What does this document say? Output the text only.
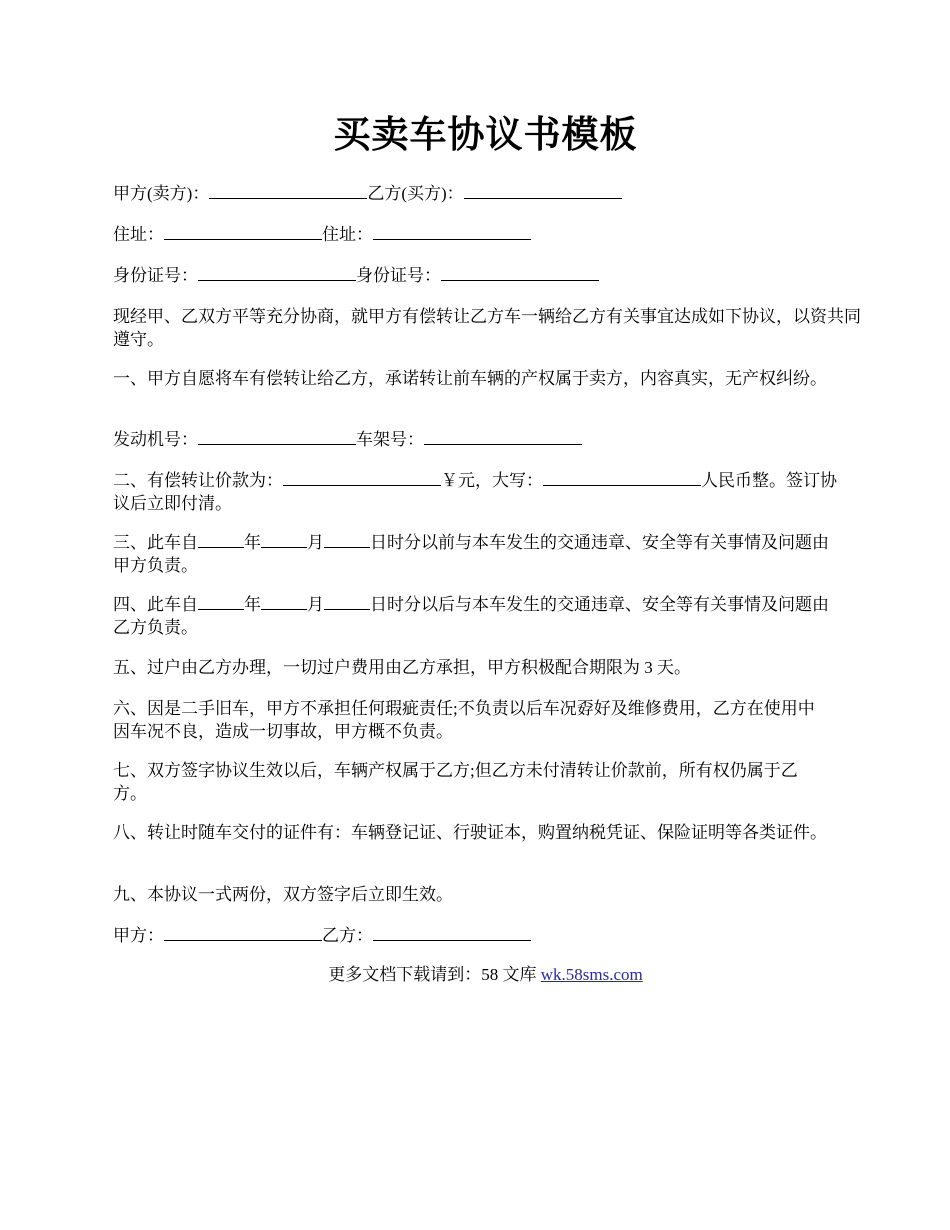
买卖车协议书模板
甲方(卖方)：	乙方(买方)：
住址：	住址：
身份证号：	身份证号：
现经甲、乙双方平等充分协商，就甲方有偿转让乙方车一辆给乙方有关事宜达成如下协议，以资共同遵守。
一、甲方自愿将车有偿转让给乙方，承诺转让前车辆的产权属于卖方，内容真实，无产权纠纷。
发动机号：	车架号：
二、有偿转让价款为：	￥元，大写：	人民币整。签订协议后立即付清。
三、此车自	年	月	日时分以前与本车发生的交通违章、安全等有关事情及问题由甲方负责。
四、此车自	年	月	日时分以后与本车发生的交通违章、安全等有关事情及问题由乙方负责。
五、过户由乙方办理，一切过户费用由乙方承担，甲方积极配合期限为 3 天。
六、因是二手旧车，甲方不承担任何瑕疵责任;不负责以后车况孬好及维修费用，乙方在使用中因车况不良，造成一切事故，甲方概不负责。
七、双方签字协议生效以后，车辆产权属于乙方;但乙方未付清转让价款前，所有权仍属于乙方。
八、转让时随车交付的证件有：车辆登记证、行驶证本，购置纳税凭证、保险证明等各类证件。
九、本协议一式两份，双方签字后立即生效。
甲方：	乙方：
更多文档下载请到：58 文库 wk.58sms.com
